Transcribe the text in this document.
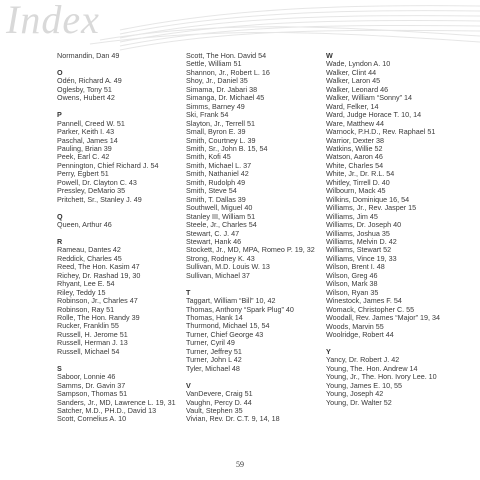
Index
Normandin, Dan 49
O
Odén, Richard A. 49
Oglesby, Tony 51
Owens, Hubert 42
P
Pannell, Creed W. 51
Parker, Keith I. 43
Paschal, James 14
Pauling, Brian 39
Peek, Earl C. 42
Pennington, Chief Richard J. 54
Perry, Egbert 51
Powell, Dr. Clayton C. 43
Pressley, DeMario 35
Pritchett, Sr., Stanley J. 49
Q
Queen, Arthur 46
R
Rameau, Dantes 42
Reddick, Charles 45
Reed, The Hon. Kasim 47
Richey, Dr. Rashad 19, 30
Rhyant, Lee E. 54
Riley, Teddy 15
Robinson, Jr., Charles 47
Robinson, Ray 51
Rolle, The Hon. Randy 39
Rucker, Franklin 55
Russell, H. Jerome 51
Russell, Herman J. 13
Russell, Michael 54
S
Saboor, Lonnie 46
Samms, Dr. Gavin 37
Sampson, Thomas 51
Sanders, Jr., MD, Lawrence L. 19, 31
Satcher, M.D., PH.D., David 13
Scott, Cornelius A. 10
Scott, The Hon. David 54
Settle, William 51
Shannon, Jr., Robert L. 16
Shoy, Jr., Daniel 35
Simama, Dr. Jabari 38
Simanga, Dr. Michael 45
Simms, Barney 49
Ski, Frank 54
Slayton, Jr., Terrell 51
Small, Byron E. 39
Smith, Courtney L. 39
Smith, Sr., John B. 15, 54
Smith, Kofi 45
Smith, Michael L. 37
Smith, Nathaniel 42
Smith, Rudolph 49
Smith, Steve 54
Smith, T. Dallas 39
Southwell, Miguel 40
Stanley III, William 51
Steele, Jr., Charles 54
Stewart, C. J. 47
Stewart, Hank 46
Stockett, Jr., MD, MPA, Romeo P. 19, 32
Strong, Rodney K. 43
Sullivan, M.D. Louis W. 13
Sullivan, Michael 37
T
Taggart, William “Bill” 10, 42
Thomas, Anthony “Spark Plug” 40
Thomas, Hank 14
Thurmond, Michael 15, 54
Turner, Chief George 43
Turner, Cyril 49
Turner, Jeffrey 51
Turner, John L 42
Tyler, Michael 48
V
VanDevere, Craig 51
Vaughn, Percy D. 44
Vault, Stephen 35
Vivian, Rev. Dr. C.T. 9, 14, 18
W
Wade, Lyndon A. 10
Walker, Clint 44
Walker, Laron 45
Walker, Leonard 46
Walker, William “Sonny” 14
Ward, Felker, 14
Ward, Judge Horace T. 10, 14
Ware, Matthew 44
Warnock, P.H.D., Rev. Raphael 51
Warrior, Dexter 38
Watkins, Willie 52
Watson, Aaron 46
White, Charles 54
White, Jr., Dr. R.L. 54
Whitley, Tirrell D. 40
Wilbourn, Mack 45
Wilkins, Dominique 16, 54
Williams, Jr., Rev. Jasper 15
Williams, Jim 45
Williams, Dr. Joseph 40
Williams, Joshua 35
Williams, Melvin D. 42
Williams, Stewart 52
Williams, Vince 19, 33
Wilson, Brent I. 48
Wilson, Greg 46
Wilson, Mark 38
Wilson, Ryan 35
Winestock, James F. 54
Womack, Christopher C. 55
Woodall, Rev. James “Major” 19, 34
Woods, Marvin 55
Woolridge, Robert 44
Y
Yancy, Dr. Robert J. 42
Young, The. Hon. Andrew 14
Young, Jr., The. Hon. Ivory Lee. 10
Young, James E. 10, 55
Young, Joseph 42
Young, Dr. Walter 52
59
